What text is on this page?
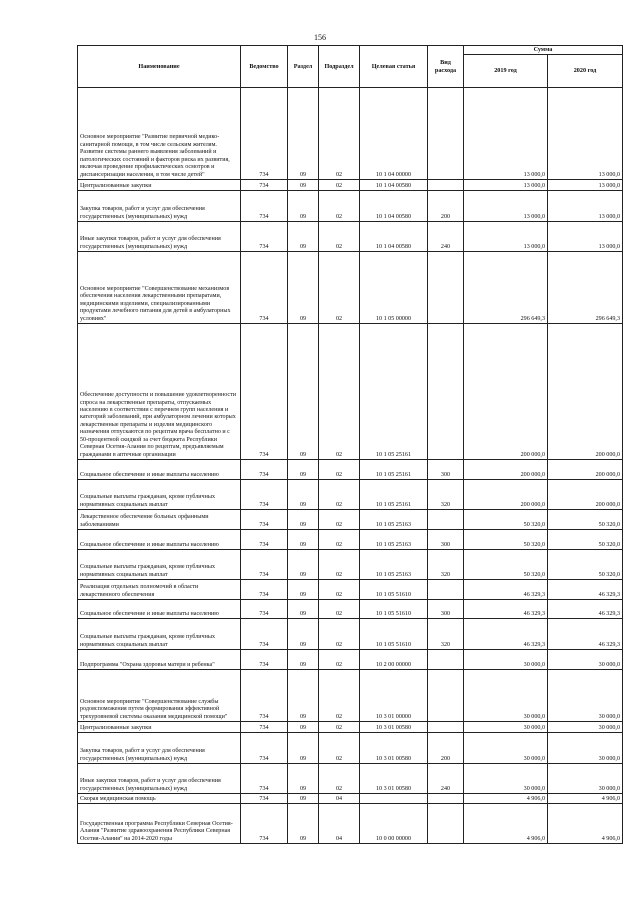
156
Наименование	Ведомство	Раздел	Подраздел	Целевая статья	Вид расхода	Сумма	
						2019 год	2020 год
Основное мероприятие "Развитие первичной медико-санитарной помощи, в том числе сельским жителям. Развитие системы раннего выявления заболеваний и патологических состояний и факторов риска их развития, включая проведение профилактических осмотров и диспансеризации населения, в том числе детей"	734	09	02	10 1 04 00000		13 000,0	13 000,0
Централизованные закупки	734	09	02	10 1 04 00580		13 000,0	13 000,0
Закупка товаров, работ и услуг для обеспечения государственных (муниципальных) нужд	734	09	02	10 1 04 00580	200	13 000,0	13 000,0
Иные закупки товаров, работ и услуг для обеспечения государственных (муниципальных) нужд	734	09	02	10 1 04 00580	240	13 000,0	13 000,0
Основное мероприятие "Совершенствование механизмов обеспечения населения лекарственными препаратами, медицинскими изделиями, специализированными продуктами лечебного питания для детей в амбулаторных условиях"	734	09	02	10 1 05 00000		296 649,3	296 649,3
Обеспечение доступности и повышение удовлетворенности спроса на лекарственные препараты, отпускаемых населению в соответствии с перечнем групп населения и категорий заболеваний, при амбулаторном лечении которых лекарственные препараты и изделия медицинского назначения отпускаются по рецептам врача бесплатно и с 50-процентной скидкой за счет бюджета Республики Северная Осетия-Алания по рецептам, предъявляемым гражданами в аптечные организации	734	09	02	10 1 05 25161		200 000,0	200 000,0
Социальное обеспечение и иные выплаты населению	734	09	02	10 1 05 25161	300	200 000,0	200 000,0
Социальные выплаты гражданам, кроме публичных нормативных социальных выплат	734	09	02	10 1 05 25161	320	200 000,0	200 000,0
Лекарственное обеспечение больных орфанными заболеваниями	734	09	02	10 1 05 25163		50 320,0	50 320,0
Социальное обеспечение и иные выплаты населению	734	09	02	10 1 05 25163	300	50 320,0	50 320,0
Социальные выплаты гражданам, кроме публичных нормативных социальных выплат	734	09	02	10 1 05 25163	320	50 320,0	50 320,0
Реализация отдельных полномочий в области лекарственного обеспечения	734	09	02	10 1 05 51610		46 329,3	46 329,3
Социальное обеспечение и иные выплаты населению	734	09	02	10 1 05 51610	300	46 329,3	46 329,3
Социальные выплаты гражданам, кроме публичных нормативных социальных выплат	734	09	02	10 1 05 51610	320	46 329,3	46 329,3
Подпрограмма "Охрана здоровья матери и ребенка"	734	09	02	10 2 00 00000		30 000,0	30 000,0
Основное мероприятие "Совершенствование службы родовспоможения путем формирования эффективной трехуровневой системы оказания медицинской помощи"	734	09	02	10 3 01 00000		30 000,0	30 000,0
Централизованные закупки	734	09	02	10 3 01 00580		30 000,0	30 000,0
Закупка товаров, работ и услуг для обеспечения государственных (муниципальных) нужд	734	09	02	10 3 01 00580	200	30 000,0	30 000,0
Иные закупки товаров, работ и услуг для обеспечения государственных (муниципальных) нужд	734	09	02	10 3 01 00580	240	30 000,0	30 000,0
Скорая медицинская помощь	734	09	04			4 906,0	4 906,0
Государственная программа Республики Северная Осетия-Алания "Развитие здравоохранения Республики Северная Осетия-Алания" на 2014-2020 годы	734	09	04	10 0 00 00000		4 906,0	4 906,0
